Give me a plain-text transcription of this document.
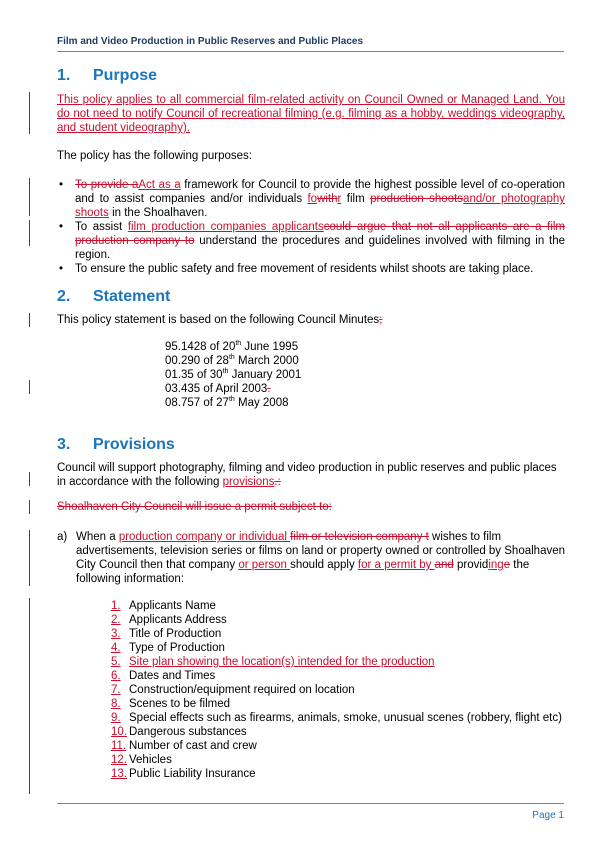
Film and Video Production in Public Reserves and Public Places
1. Purpose
This policy applies to all commercial film-related activity on Council Owned or Managed Land. You do not need to notify Council of recreational filming (e.g. filming as a hobby, weddings videography, and student videography).
The policy has the following purposes:
• To provide aAct as a framework for Council to provide the highest possible level of co-operation and to assist companies and/or individuals fowithr film production shootsand/or photography shoots in the Shoalhaven.
• To assist film production companies applicantscould argue that not all applicants are a film production company to understand the procedures and guidelines involved with filming in the region.
• To ensure the public safety and free movement of residents whilst shoots are taking place.
2. Statement
This policy statement is based on the following Council Minutes;
95.1428 of 20th June 1995
00.290 of 28th March 2000
01.35 of 30th January 2001
03.435 of April 2003.
08.757 of 27th May 2008
3. Provisions
Council will support photography, filming and video production in public reserves and public places in accordance with the following provisions.:
Shoalhaven City Council will issue a permit subject to:
a) When a production company or individual film or television company t wishes to film advertisements, television series or films on land or property owned or controlled by Shoalhaven City Council then that company or person should apply for a permit by and providinge the following information:
1. Applicants Name
2. Applicants Address
3. Title of Production
4. Type of Production
5. Site plan showing the location(s) intended for the production
6. Dates and Times
7. Construction/equipment required on location
8. Scenes to be filmed
9. Special effects such as firearms, animals, smoke, unusual scenes (robbery, flight etc)
10. Dangerous substances
11. Number of cast and crew
12. Vehicles
13. Public Liability Insurance
Page 1
